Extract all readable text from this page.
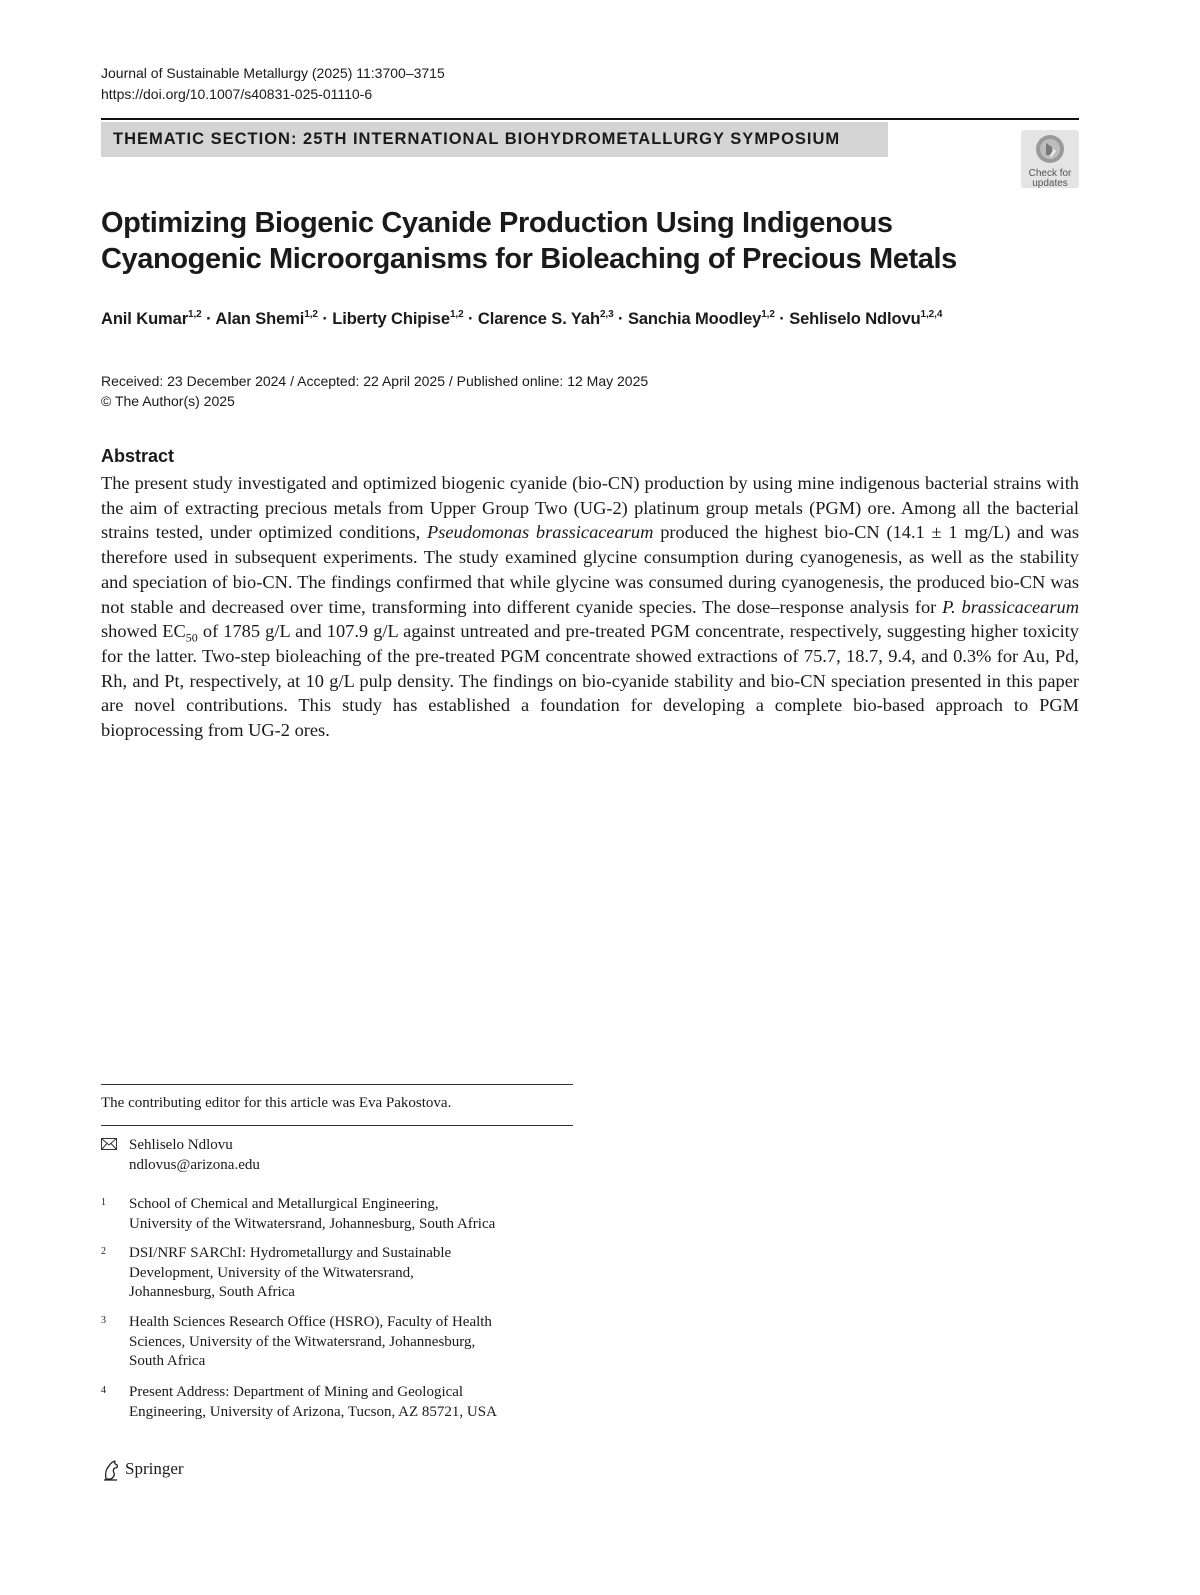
Journal of Sustainable Metallurgy (2025) 11:3700–3715
https://doi.org/10.1007/s40831-025-01110-6
THEMATIC SECTION: 25TH INTERNATIONAL BIOHYDROMETALLURGY SYMPOSIUM
Check for
updates
Optimizing Biogenic Cyanide Production Using Indigenous
Cyanogenic Microorganisms for Bioleaching of Precious Metals
Anil Kumar$^{1,2}$ · Alan Shemi$^{1,2}$ · Liberty Chipise$^{1,2}$ · Clarence S. Yah$^{2,3}$ · Sanchia Moodley$^{1,2}$ · Sehliselo Ndlovu$^{1,2,4}$
Received: 23 December 2024 / Accepted: 22 April 2025 / Published online: 12 May 2025
© The Author(s) 2025
Abstract

The present study investigated and optimized biogenic cyanide (bio-CN) production by using mine indigenous bacterial strains with the aim of extracting precious metals from Upper Group Two (UG-2) platinum group metals (PGM) ore. Among all the bacterial strains tested, under optimized conditions, Pseudomonas brassicacearum produced the highest bio-CN (14.1 ± 1 mg/L) and was therefore used in subsequent experiments. The study examined glycine consumption during cyanogenesis, as well as the stability and speciation of bio-CN. The findings confirmed that while glycine was consumed during cyanogenesis, the produced bio-CN was not stable and decreased over time, transforming into different cyanide species. The dose–response analysis for P. brassicacearum showed $EC_{50}$ of 1785 g/L and 107.9 g/L against untreated and pre-treated PGM concentrate, respectively, suggesting higher toxicity for the latter. Two-step bioleaching of the pre-treated PGM concentrate showed extractions of 75.7, 18.7, 9.4, and 0.3% for Au, Pd, Rh, and Pt, respectively, at 10 g/L pulp density. The findings on bio-cyanide stability and bio-CN speciation presented in this paper are novel contributions. This study has established a foundation for developing a complete bio-based approach to PGM bioprocessing from UG-2 ores.

The contributing editor for this article was Eva Pakostova.
Sehliselo Ndlovu
ndlovus@arizona.edu
1 School of Chemical and Metallurgical Engineering,
University of the Witwatersrand, Johannesburg, South Africa
2 DSI/NRF SARChI: Hydrometallurgy and Sustainable
Development, University of the Witwatersrand,
Johannesburg, South Africa
3 Health Sciences Research Office (HSRO), Faculty of Health
Sciences, University of the Witwatersrand, Johannesburg,
South Africa
4 Present Address: Department of Mining and Geological
Engineering, University of Arizona, Tucson, AZ 85721, USA
Springer
